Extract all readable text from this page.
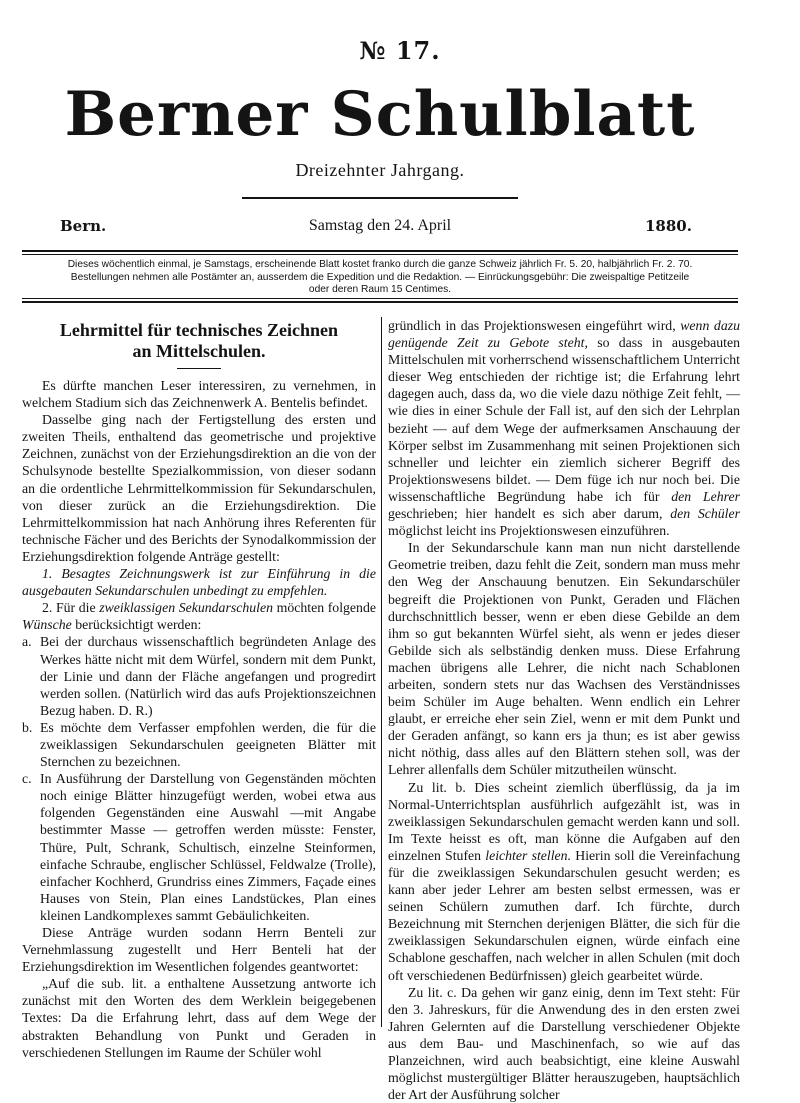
№ 17.
Berner Schulblatt
Dreizehnter Jahrgang.
Bern.	Samstag den 24. April	1880.
Dieses wöchentlich einmal, je Samstags, erscheinende Blatt kostet franko durch die ganze Schweiz jährlich Fr. 5. 20, halbjährlich Fr. 2. 70.
Bestellungen nehmen alle Postämter an, ausserdem die Expedition und die Redaktion. — Einrückungsgebühr: Die zweispaltige Petitzeile
oder deren Raum 15 Centimes.
Lehrmittel für technisches Zeichnen
an Mittelschulen.

Es dürfte manchen Leser interessiren, zu vernehmen, in welchem Stadium sich das Zeichnenwerk A. Bentelis befindet.

Dasselbe ging nach der Fertigstellung des ersten und zweiten Theils, enthaltend das geometrische und projektive Zeichnen, zunächst von der Erziehungsdirektion an die von der Schulsynode bestellte Spezialkommission, von dieser sodann an die ordentliche Lehrmittelkommission für Sekundarschulen, von dieser zurück an die Erziehungsdirektion. Die Lehrmittelkommission hat nach Anhörung ihres Referenten für technische Fächer und des Berichts der Synodalkommission der Erziehungsdirektion folgende Anträge gestellt:

1. Besagtes Zeichnungswerk ist zur Einführung in die ausgebauten Sekundarschulen unbedingt zu empfehlen.

2. Für die zweiklassigen Sekundarschulen möchten folgende Wünsche berücksichtigt werden:

a. Bei der durchaus wissenschaftlich begründeten Anlage des Werkes hätte nicht mit dem Würfel, sondern mit dem Punkt, der Linie und dann der Fläche angefangen und progredirt werden sollen. (Natürlich wird das aufs Projektionszeichnen Bezug haben. D. R.)
b. Es möchte dem Verfasser empfohlen werden, die für die zweiklassigen Sekundarschulen geeigneten Blätter mit Sternchen zu bezeichnen.
c. In Ausführung der Darstellung von Gegenständen möchten noch einige Blätter hinzugefügt werden, wobei etwa aus folgenden Gegenständen eine Auswahl —mit Angabe bestimmter Masse — getroffen werden müsste: Fenster, Thüre, Pult, Schrank, Schultisch, einzelne Steinformen, einfache Schraube, englischer Schlüssel, Feldwalze (Trolle), einfacher Kochherd, Grundriss eines Zimmers, Façade eines Hauses von Stein, Plan eines Landstückes, Plan eines kleinen Landkomplexes sammt Gebäulichkeiten.

Diese Anträge wurden sodann Herrn Benteli zur Vernehmlassung zugestellt und Herr Benteli hat der Erziehungsdirektion im Wesentlichen folgendes geantwortet:

„Auf die sub. lit. a enthaltene Aussetzung antworte ich zunächst mit den Worten des dem Werklein beigegebenen Textes: Da die Erfahrung lehrt, dass auf dem Wege der abstrakten Behandlung von Punkt und Geraden in verschiedenen Stellungen im Raume der Schüler wohl

gründlich in das Projektionswesen eingeführt wird, wenn dazu genügende Zeit zu Gebote steht, so dass in ausgebauten Mittelschulen mit vorherrschend wissenschaftlichem Unterricht dieser Weg entschieden der richtige ist; die Erfahrung lehrt dagegen auch, dass da, wo die viele dazu nöthige Zeit fehlt, — wie dies in einer Schule der Fall ist, auf den sich der Lehrplan bezieht — auf dem Wege der aufmerksamen Anschauung der Körper selbst im Zusammenhang mit seinen Projektionen sich schneller und leichter ein ziemlich sicherer Begriff des Projektionswesens bildet. — Dem füge ich nur noch bei. Die wissenschaftliche Begründung habe ich für den Lehrer geschrieben; hier handelt es sich aber darum, den Schüler möglichst leicht ins Projektionswesen einzuführen.

In der Sekundarschule kann man nun nicht darstellende Geometrie treiben, dazu fehlt die Zeit, sondern man muss mehr den Weg der Anschauung benutzen. Ein Sekundarschüler begreift die Projektionen von Punkt, Geraden und Flächen durchschnittlich besser, wenn er eben diese Gebilde an dem ihm so gut bekannten Würfel sieht, als wenn er jedes dieser Gebilde sich als selbständig denken muss. Diese Erfahrung machen übrigens alle Lehrer, die nicht nach Schablonen arbeiten, sondern stets nur das Wachsen des Verständnisses beim Schüler im Auge behalten. Wenn endlich ein Lehrer glaubt, er erreiche eher sein Ziel, wenn er mit dem Punkt und der Geraden anfängt, so kann ers ja thun; es ist aber gewiss nicht nöthig, dass alles auf den Blättern stehen soll, was der Lehrer allenfalls dem Schüler mitzutheilen wünscht.

Zu lit. b. Dies scheint ziemlich überflüssig, da ja im Normal-Unterrichtsplan ausführlich aufgezählt ist, was in zweiklassigen Sekundarschulen gemacht werden kann und soll. Im Texte heisst es oft, man könne die Aufgaben auf den einzelnen Stufen leichter stellen. Hierin soll die Vereinfachung für die zweiklassigen Sekundarschulen gesucht werden; es kann aber jeder Lehrer am besten selbst ermessen, was er seinen Schülern zumuthen darf. Ich fürchte, durch Bezeichnung mit Sternchen derjenigen Blätter, die sich für die zweiklassigen Sekundarschulen eignen, würde einfach eine Schablone geschaffen, nach welcher in allen Schulen (mit doch oft verschiedenen Bedürfnissen) gleich gearbeitet würde.

Zu lit. c. Da gehen wir ganz einig, denn im Text steht: Für den 3. Jahreskurs, für die Anwendung des in den ersten zwei Jahren Gelernten auf die Darstellung verschiedener Objekte aus dem Bau- und Maschinenfach, so wie auf das Planzeichnen, wird auch beabsichtigt, eine kleine Auswahl möglichst mustergültiger Blätter herauszugeben, hauptsächlich der Art der Ausführung solcher
